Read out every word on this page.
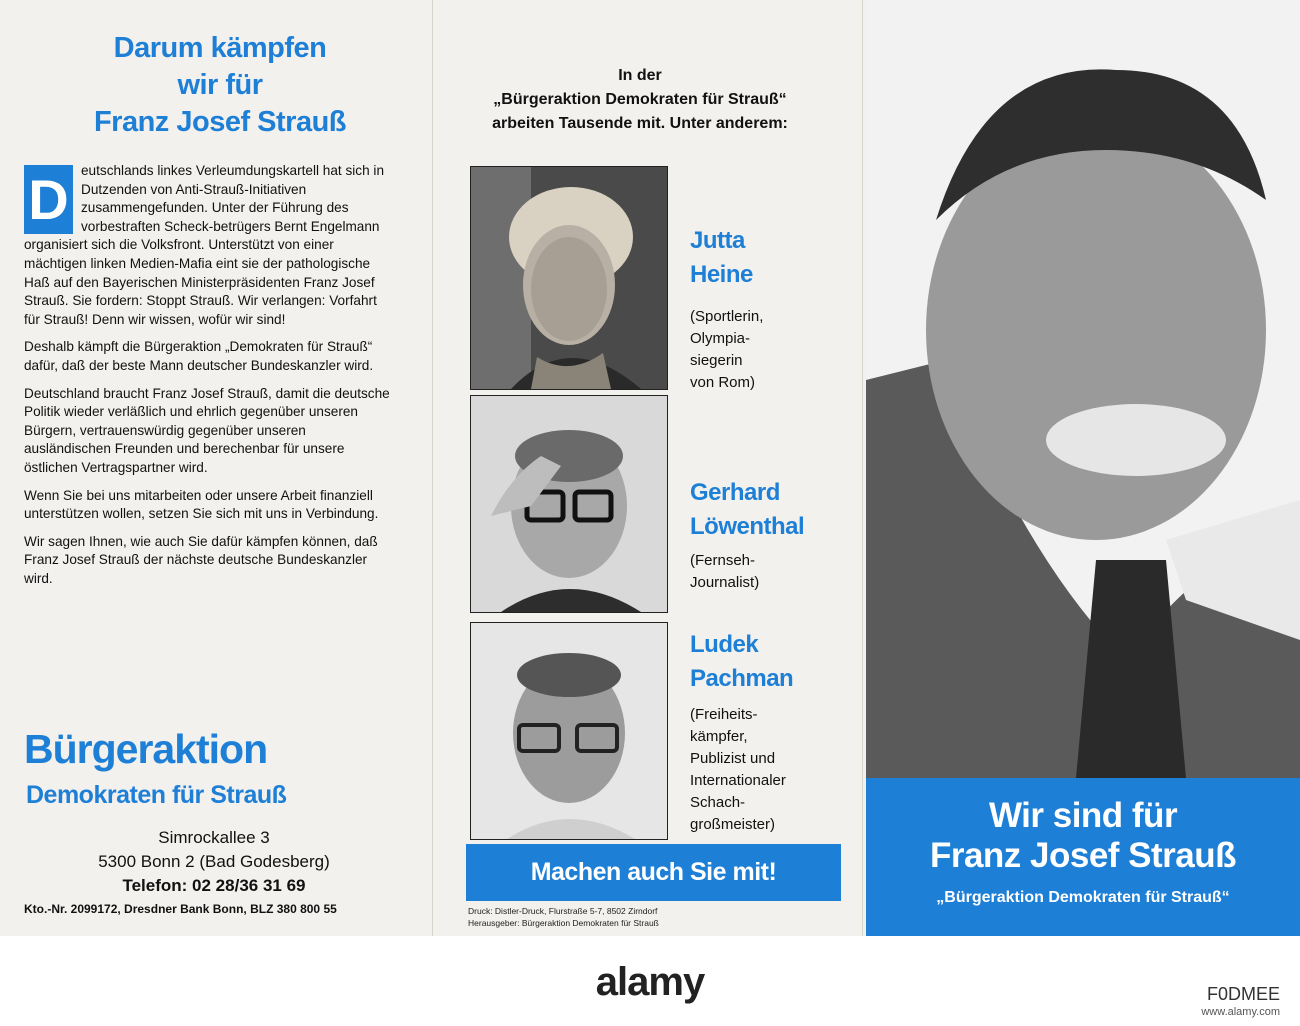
Darum kämpfen
wir für
Franz Josef Strauß

D eutschlands linkes Verleumdungskartell hat sich in Dutzenden von Anti-Strauß-Initiativen zusammengefunden. Unter der Führung des vorbestraften Scheck-betrügers Bernt Engelmann organisiert sich die Volksfront. Unterstützt von einer mächtigen linken Medien-Mafia eint sie der pathologische Haß auf den Bayerischen Ministerpräsidenten Franz Josef Strauß. Sie fordern: Stoppt Strauß. Wir verlangen: Vorfahrt für Strauß! Denn wir wissen, wofür wir sind!

Deshalb kämpft die Bürgeraktion „Demokraten für Strauß“ dafür, daß der beste Mann deutscher Bundeskanzler wird.

Deutschland braucht Franz Josef Strauß, damit die deutsche Politik wieder verläßlich und ehrlich gegenüber unseren Bürgern, vertrauenswürdig gegenüber unseren ausländischen Freunden und berechenbar für unsere östlichen Vertragspartner wird.

Wenn Sie bei uns mitarbeiten oder unsere Arbeit finanziell unterstützen wollen, setzen Sie sich mit uns in Verbindung.

Wir sagen Ihnen, wie auch Sie dafür kämpfen können, daß Franz Josef Strauß der nächste deutsche Bundeskanzler wird.

Bürgeraktion
Demokraten für Strauß
Simrockallee 3
5300 Bonn 2 (Bad Godesberg)
Telefon: 02 28/36 31 69
Kto.-Nr. 2099172, Dresdner Bank Bonn, BLZ 380 800 55
In der
„Bürgeraktion Demokraten für Strauß“
arbeiten Tausende mit. Unter anderem:
Jutta
Heine
(Sportlerin,
Olympia-
siegerin
von Rom)
Gerhard
Löwenthal
(Fernseh-
Journalist)
Ludek
Pachman
(Freiheits-
kämpfer,
Publizist und
Internationaler
Schach-
großmeister)
Machen auch Sie mit!
Druck: Distler-Druck, Flurstraße 5-7, 8502 Zirndorf
Herausgeber: Bürgeraktion Demokraten für Strauß
Wir sind für
Franz Josef Strauß
„Bürgeraktion Demokraten für Strauß“
alamy	F0DMEE
www.alamy.com
